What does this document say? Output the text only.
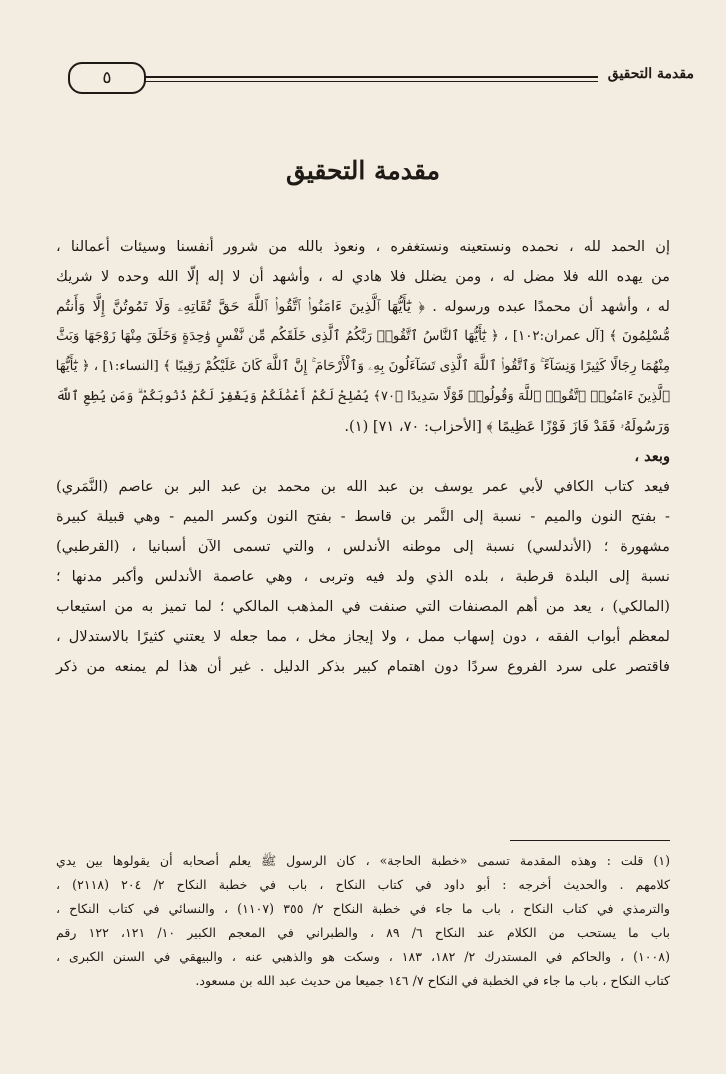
٥	مقدمة التحقيق
مقدمة التحقيق
إن الحمد لله ، نحمده ونستعينه ونستغفره ، ونعوذ بالله من شرور أنفسنا وسيئات أعمالنا ،
من يهده الله فلا مضل له ، ومن يضلل فلا هادي له ، وأشهد أن لا إله إلّا الله وحده لا شريك
له ، وأشهد أن محمدًا عبده ورسوله . ﴿ يَٰٓأَيُّهَا ٱلَّذِينَ ءَامَنُوا۟ ٱتَّقُوا۟ ٱللَّهَ حَقَّ تُقَاتِهِۦ وَلَا تَمُوتُنَّ إِلَّا وَأَنتُم
مُّسْلِمُونَ ﴾ [آل عمران:١٠٢] ، ﴿ يَٰٓأَيُّهَا ٱلنَّاسُ ٱتَّقُوا۟ رَبَّكُمُ ٱلَّذِى خَلَقَكُم مِّن نَّفْسٍ وَٰحِدَةٍ وَخَلَقَ مِنْهَا زَوْجَهَا وَبَثَّ
مِنْهُمَا رِجَالًا كَثِيرًا وَنِسَآءً ۚ وَٱتَّقُوا۟ ٱللَّهَ ٱلَّذِى تَسَآءَلُونَ بِهِۦ وَٱلْأَرْحَامَ ۚ إِنَّ ٱللَّهَ كَانَ عَلَيْكُمْ رَقِيبًا ﴾ [النساء:١] ، ﴿ يَٰٓأَيُّهَا
ٱلَّذِينَ ءَامَنُوا۟ ٱتَّقُوا۟ ٱللَّهَ وَقُولُوا۟ قَوْلًا سَدِيدًا ﴿٧٠﴾ يُصْلِحْ لَكُمْ أَعْمَٰلَكُمْ وَيَغْفِرْ لَكُمْ ذُنُوبَكُمْ ۗ وَمَن يُطِعِ ٱللَّهَ
وَرَسُولَهُۥ فَقَدْ فَازَ فَوْزًا عَظِيمًا ﴾ [الأحزاب: ٧٠، ٧١] (١).
وبعد ،
فيعد كتاب الكافي لأبي عمر يوسف بن عبد الله بن محمد بن عبد البر بن عاصم (النَّمَري)
- بفتح النون والميم - نسبة إلى النَّمر بن قاسط - بفتح النون وكسر الميم - وهي قبيلة كبيرة
مشهورة ؛ (الأندلسي) نسبة إلى موطنه الأندلس ، والتي تسمى الآن أسبانيا ، (القرطبي)
نسبة إلى البلدة قرطبة ، بلده الذي ولد فيه وتربى ، وهي عاصمة الأندلس وأكبر مدنها ؛
(المالكي) ، يعد من أهم المصنفات التي صنفت في المذهب المالكي ؛ لما تميز به من استيعاب
لمعظم أبواب الفقه ، دون إسهاب ممل ، ولا إيجاز مخل ، مما جعله لا يعتني كثيرًا بالاستدلال ،
فاقتصر على سرد الفروع سردًا دون اهتمام كبير بذكر الدليل . غير أن هذا لم يمنعه من ذكر
(١) قلت : وهذه المقدمة تسمى «خطبة الحاجة» ، كان الرسول ﷺ يعلم أصحابه أن يقولوها بين يدي
كلامهم . والحديث أخرجه : أبو داود في كتاب النكاح ، باب في خطبة النكاح ٢/ ٢٠٤ (٢١١٨) ،
والترمذي في كتاب النكاح ، باب ما جاء في خطبة النكاح ٢/ ٣٥٥ (١١٠٧) ، والنسائي في كتاب النكاح ،
باب ما يستحب من الكلام عند النكاح ٦/ ٨٩ ، والطبراني في المعجم الكبير ١٠/ ١٢١، ١٢٢ رقم
(١٠٠٨) ، والحاكم في المستدرك ٢/ ١٨٢، ١٨٣ ، وسكت هو والذهبي عنه ، والبيهقي في السنن الكبرى ،
كتاب النكاح ، باب ما جاء في الخطبة في النكاح ٧/ ١٤٦ جميعا من حديث عبد الله بن مسعود.
